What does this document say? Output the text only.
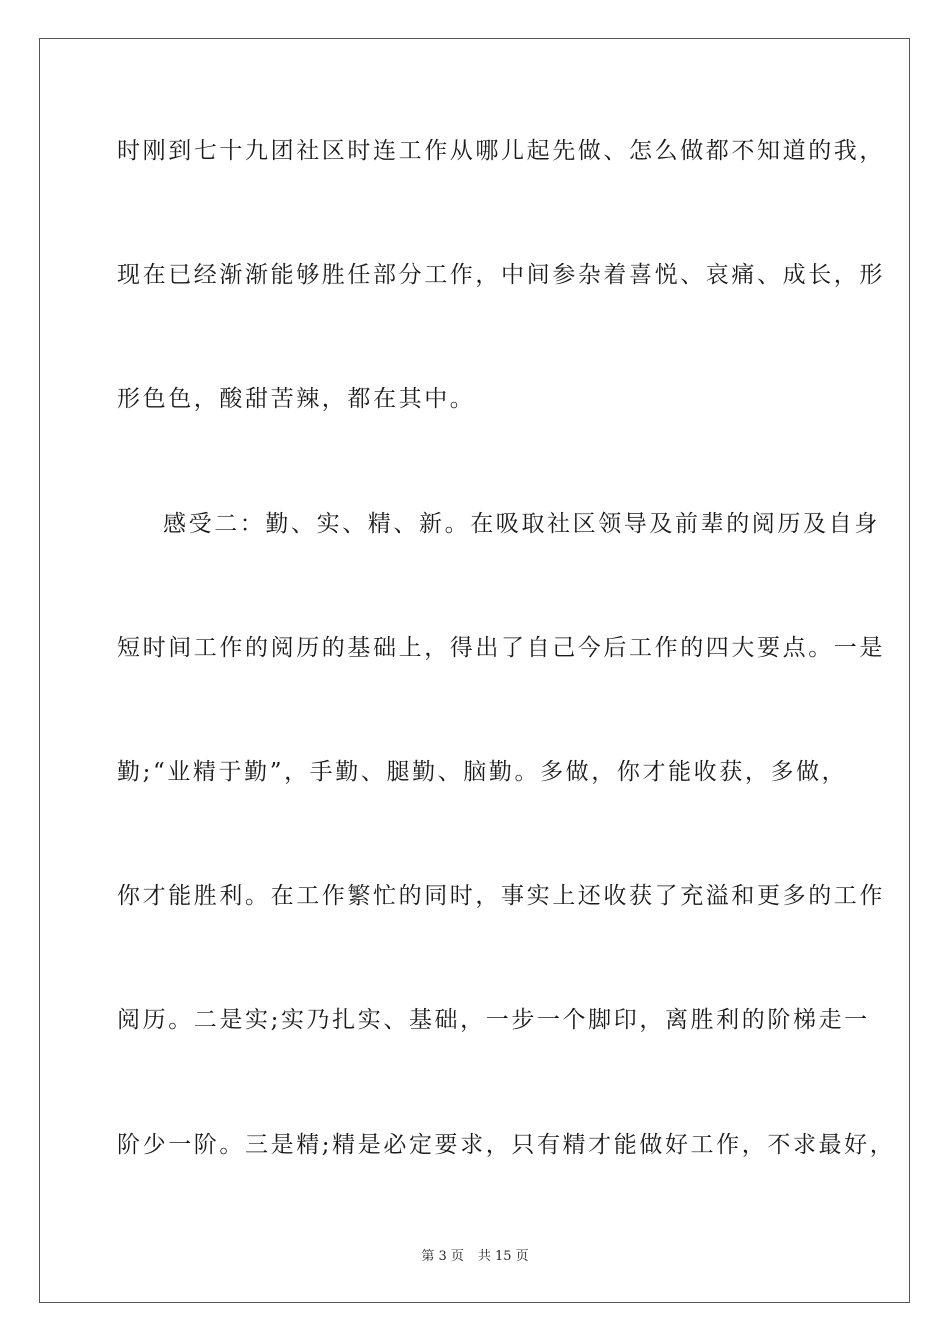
时刚到七十九团社区时连工作从哪儿起先做、怎么做都不知道的我，
现在已经渐渐能够胜任部分工作，中间参杂着喜悦、哀痛、成长，形
形色色，酸甜苦辣，都在其中。
感受二：勤、实、精、新。在吸取社区领导及前辈的阅历及自身
短时间工作的阅历的基础上，得出了自己今后工作的四大要点。一是
勤;“业精于勤”，手勤、腿勤、脑勤。多做，你才能收获，多做，
你才能胜利。在工作繁忙的同时，事实上还收获了充溢和更多的工作
阅历。二是实;实乃扎实、基础，一步一个脚印，离胜利的阶梯走一
阶少一阶。三是精;精是必定要求，只有精才能做好工作，不求最好，
第 3 页 共 15 页
